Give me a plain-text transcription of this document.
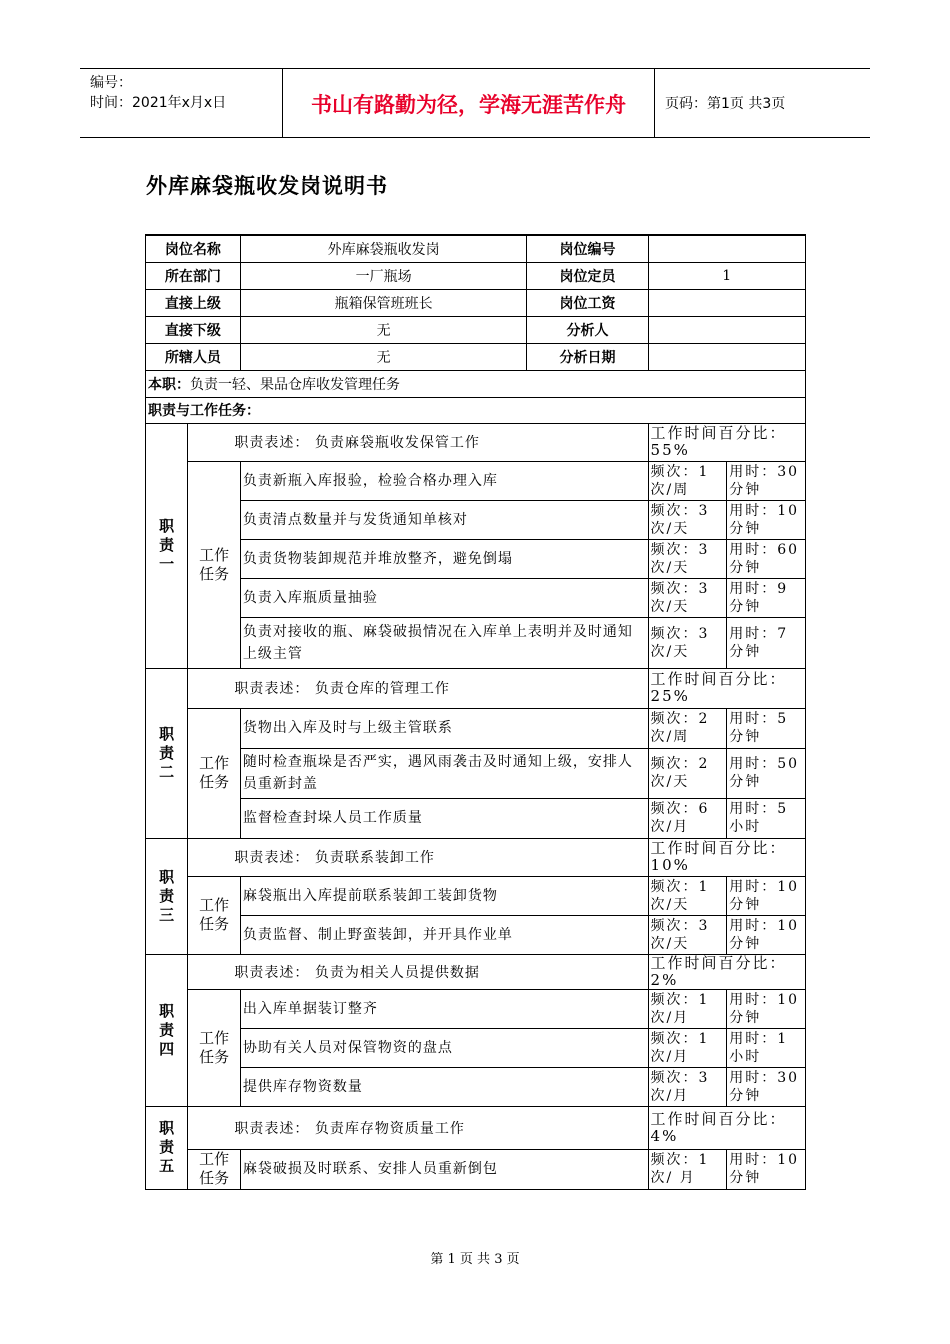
编号：
时间：2021年x月x日	书山有路勤为径，学海无涯苦作舟	页码：第1页 共3页
外库麻袋瓶收发岗说明书
岗位名称		外库麻袋瓶收发岗	岗位编号		
所在部门		一厂瓶场	岗位定员	1	
直接上级		瓶箱保管班班长	岗位工资		
直接下级		无	分析人		
所辖人员		无	分析日期		
本职：负责一轻、果品仓库收发管理任务					
职责与工作任务：					

职
责
一	职责表述： 负责麻袋瓶收发保管工作			工作时间百分比：55%	

	工作
任务	负责新瓶入库报验，检验合格办理入库		频次：1次/周	用时：30分钟
		负责清点数量并与发货通知单核对		频次：3次/天	用时：10分钟
		负责货物装卸规范并堆放整齐，避免倒塌		频次：3次/天	用时：60分钟
		负责入库瓶质量抽验		频次：3次/天	用时：9分钟
		负责对接收的瓶、麻袋破损情况在入库单上表明并及时通知上级主管		频次：3次/天	用时：7分钟

职
责
二	职责表述： 负责仓库的管理工作			工作时间百分比：25%	

	工作
任务	货物出入库及时与上级主管联系		频次：2次/周	用时：5分钟
		随时检查瓶垛是否严实，遇风雨袭击及时通知上级，安排人员重新封盖		频次：2次/天	用时：50分钟
		监督检查封垛人员工作质量		频次：6次/月	用时：5小时

职
责
三	职责表述： 负责联系装卸工作			工作时间百分比：10%	

	工作
任务	麻袋瓶出入库提前联系装卸工装卸货物		频次：1次/天	用时：10分钟
		负责监督、制止野蛮装卸，并开具作业单		频次：3次/天	用时：10分钟

职
责
四	职责表述： 负责为相关人员提供数据			工作时间百分比：2%	

	工作
任务	出入库单据装订整齐		频次：1次/月	用时：10分钟
		协助有关人员对保管物资的盘点		频次：1次/月	用时：1小时
		提供库存物资数量		频次：3次/月	用时：30分钟

职
责
五	职责表述： 负责库存物资质量工作			工作时间百分比：4%	

	工作
任务	麻袋破损及时联系、安排人员重新倒包		频次：1次/ 月	用时：10分钟
第 1 页 共 3 页
